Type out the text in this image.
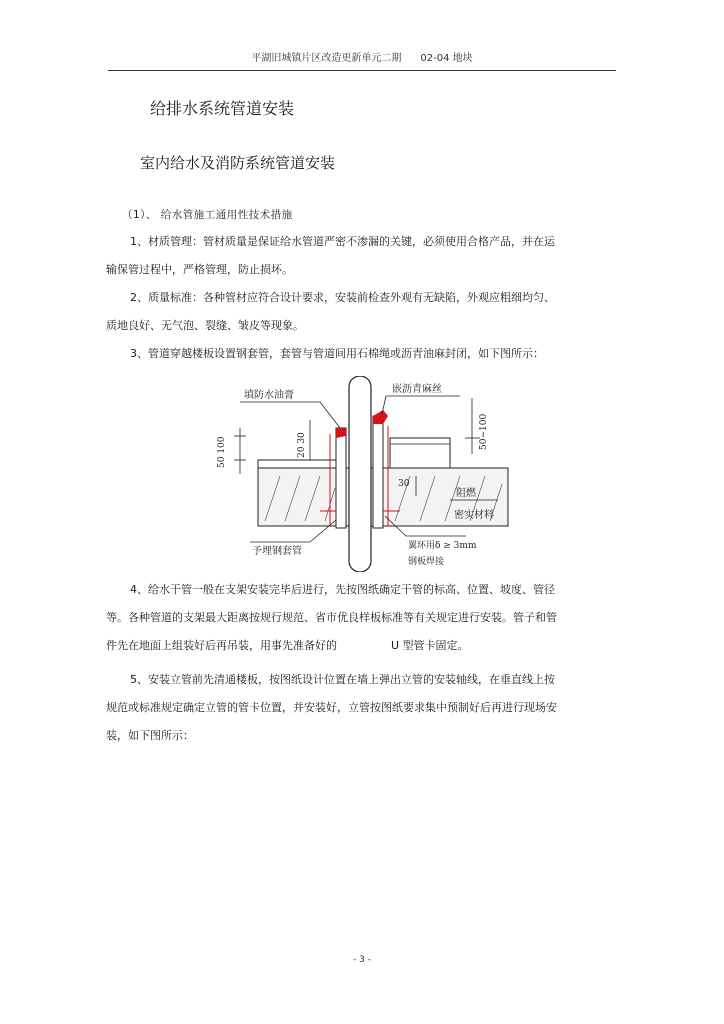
平湖旧城镇片区改造更新单元二期 02-04 地块
给排水系统管道安装
室内给水及消防系统管道安装
（1）、 给水管施工通用性技术措施

1、材质管理：管材质量是保证给水管道严密不渗漏的关键，必须使用合格产品，并在运输保管过程中，严格管理，防止损坏。

2、质量标准：各种管材应符合设计要求，安装前检查外观有无缺陷，外观应粗细均匀、质地良好、无气泡、裂缝、皱皮等现象。

3、管道穿越楼板设置钢套管，套管与管道间用石棉绳或沥青油麻封闭，如下图所示：

填防水油膏
嵌沥青麻丝
予埋钢套管
阻燃
密实材料
翼环用δ ≥ 3mm
钢板焊接
50 100	20 30	50~100
30

4、给水干管一般在支架安装完毕后进行，先按图纸确定干管的标高、位置、坡度、管径等。各种管道的支架最大距离按规行规范、省市优良样板标准等有关规定进行安装。管子和管件先在地面上组装好后再吊装，用事先准备好的	U 型管卡固定。

5、安装立管前先清通楼板，按图纸设计位置在墙上弹出立管的安装轴线，在垂直线上按规范或标准规定确定立管的管卡位置，并安装好，立管按图纸要求集中预制好后再进行现场安装，如下图所示：

- 3 -
